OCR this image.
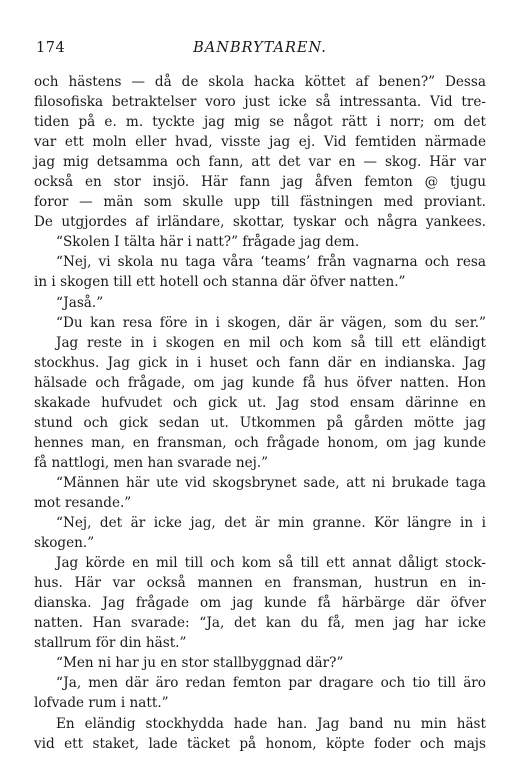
174	BANBRYTAREN.
och hästens — då de skola hacka köttet af benen?” Dessa
filosofiska betraktelser voro just icke så intressanta. Vid tre-
tiden på e. m. tyckte jag mig se något rätt i norr; om det
var ett moln eller hvad, visste jag ej. Vid femtiden närmade
jag mig detsamma och fann, att det var en — skog. Här var
också en stor insjö. Här fann jag åfven femton @ tjugu
foror — män som skulle upp till fästningen med proviant.
De utgjordes af irländare, skottar, tyskar och några yankees.
“Skolen I tälta här i natt?” frågade jag dem.
“Nej, vi skola nu taga våra ‘teams’ från vagnarna och resa
in i skogen till ett hotell och stanna där öfver natten.”
“Jaså.”
“Du kan resa före in i skogen, där är vägen, som du ser.”
Jag reste in i skogen en mil och kom så till ett eländigt
stockhus. Jag gick in i huset och fann där en indianska. Jag
hälsade och frågade, om jag kunde få hus öfver natten. Hon
skakade hufvudet och gick ut. Jag stod ensam därinne en
stund och gick sedan ut. Utkommen på gården mötte jag
hennes man, en fransman, och frågade honom, om jag kunde
få nattlogi, men han svarade nej.”
“Männen här ute vid skogsbrynet sade, att ni brukade taga
mot resande.”
“Nej, det är icke jag, det är min granne. Kör längre in i
skogen.”
Jag körde en mil till och kom så till ett annat dåligt stock-
hus. Här var också mannen en fransman, hustrun en in-
dianska. Jag frågade om jag kunde få härbärge där öfver
natten. Han svarade: “Ja, det kan du få, men jag har icke
stallrum för din häst.”
“Men ni har ju en stor stallbyggnad där?”
“Ja, men där äro redan femton par dragare och tio till äro
lofvade rum i natt.”
En eländig stockhydda hade han. Jag band nu min häst
vid ett staket, lade täcket på honom, köpte foder och majs
